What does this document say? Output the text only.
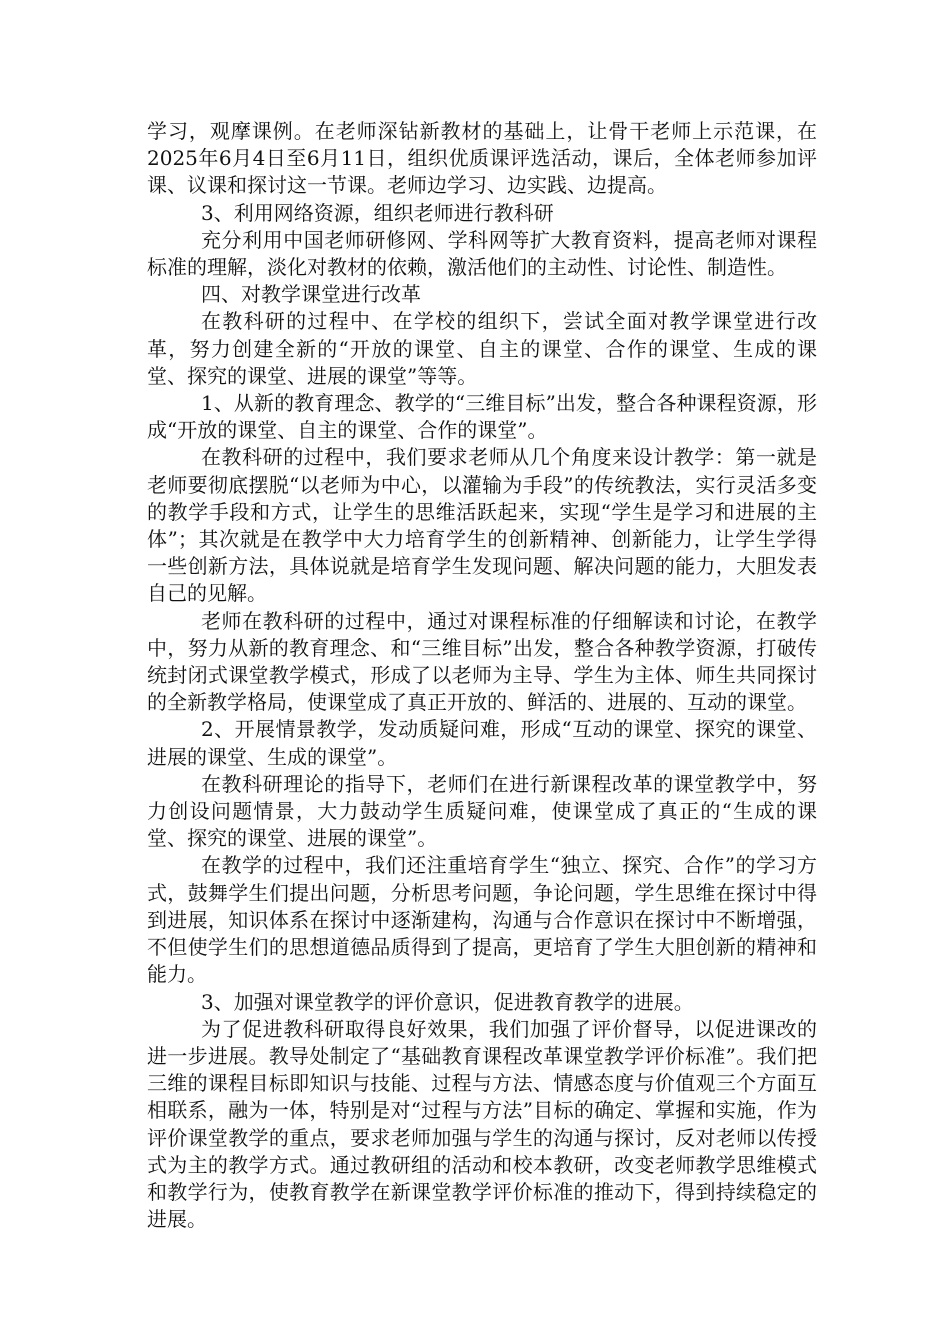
学习，观摩课例。在老师深钻新教材的基础上，让骨干老师上示范课，在2025年6月4日至6月11日，组织优质课评选活动，课后，全体老师参加评课、议课和探讨这一节课。老师边学习、边实践、边提高。

3、利用网络资源，组织老师进行教科研

充分利用中国老师研修网、学科网等扩大教育资料，提高老师对课程标准的理解，淡化对教材的依赖，激活他们的主动性、讨论性、制造性。

四、对教学课堂进行改革

在教科研的过程中、在学校的组织下，尝试全面对教学课堂进行改革，努力创建全新的“开放的课堂、自主的课堂、合作的课堂、生成的课堂、探究的课堂、进展的课堂”等等。

1、从新的教育理念、教学的“三维目标”出发，整合各种课程资源，形成“开放的课堂、自主的课堂、合作的课堂”。

在教科研的过程中，我们要求老师从几个角度来设计教学：第一就是老师要彻底摆脱“以老师为中心，以灌输为手段”的传统教法，实行灵活多变的教学手段和方式，让学生的思维活跃起来，实现“学生是学习和进展的主体”；其次就是在教学中大力培育学生的创新精神、创新能力，让学生学得一些创新方法，具体说就是培育学生发现问题、解决问题的能力，大胆发表自己的见解。

老师在教科研的过程中，通过对课程标准的仔细解读和讨论，在教学中，努力从新的教育理念、和“三维目标”出发，整合各种教学资源，打破传统封闭式课堂教学模式，形成了以老师为主导、学生为主体、师生共同探讨的全新教学格局，使课堂成了真正开放的、鲜活的、进展的、互动的课堂。

2、开展情景教学，发动质疑问难，形成“互动的课堂、探究的课堂、进展的课堂、生成的课堂”。

在教科研理论的指导下，老师们在进行新课程改革的课堂教学中，努力创设问题情景，大力鼓动学生质疑问难，使课堂成了真正的“生成的课堂、探究的课堂、进展的课堂”。

在教学的过程中，我们还注重培育学生“独立、探究、合作”的学习方式，鼓舞学生们提出问题，分析思考问题，争论问题，学生思维在探讨中得到进展，知识体系在探讨中逐渐建构，沟通与合作意识在探讨中不断增强，不但使学生们的思想道德品质得到了提高，更培育了学生大胆创新的精神和能力。

3、加强对课堂教学的评价意识，促进教育教学的进展。

为了促进教科研取得良好效果，我们加强了评价督导，以促进课改的进一步进展。教导处制定了“基础教育课程改革课堂教学评价标准”。我们把三维的课程目标即知识与技能、过程与方法、情感态度与价值观三个方面互相联系，融为一体，特别是对“过程与方法”目标的确定、掌握和实施，作为评价课堂教学的重点，要求老师加强与学生的沟通与探讨，反对老师以传授式为主的教学方式。通过教研组的活动和校本教研，改变老师教学思维模式和教学行为，使教育教学在新课堂教学评价标准的推动下，得到持续稳定的进展。
